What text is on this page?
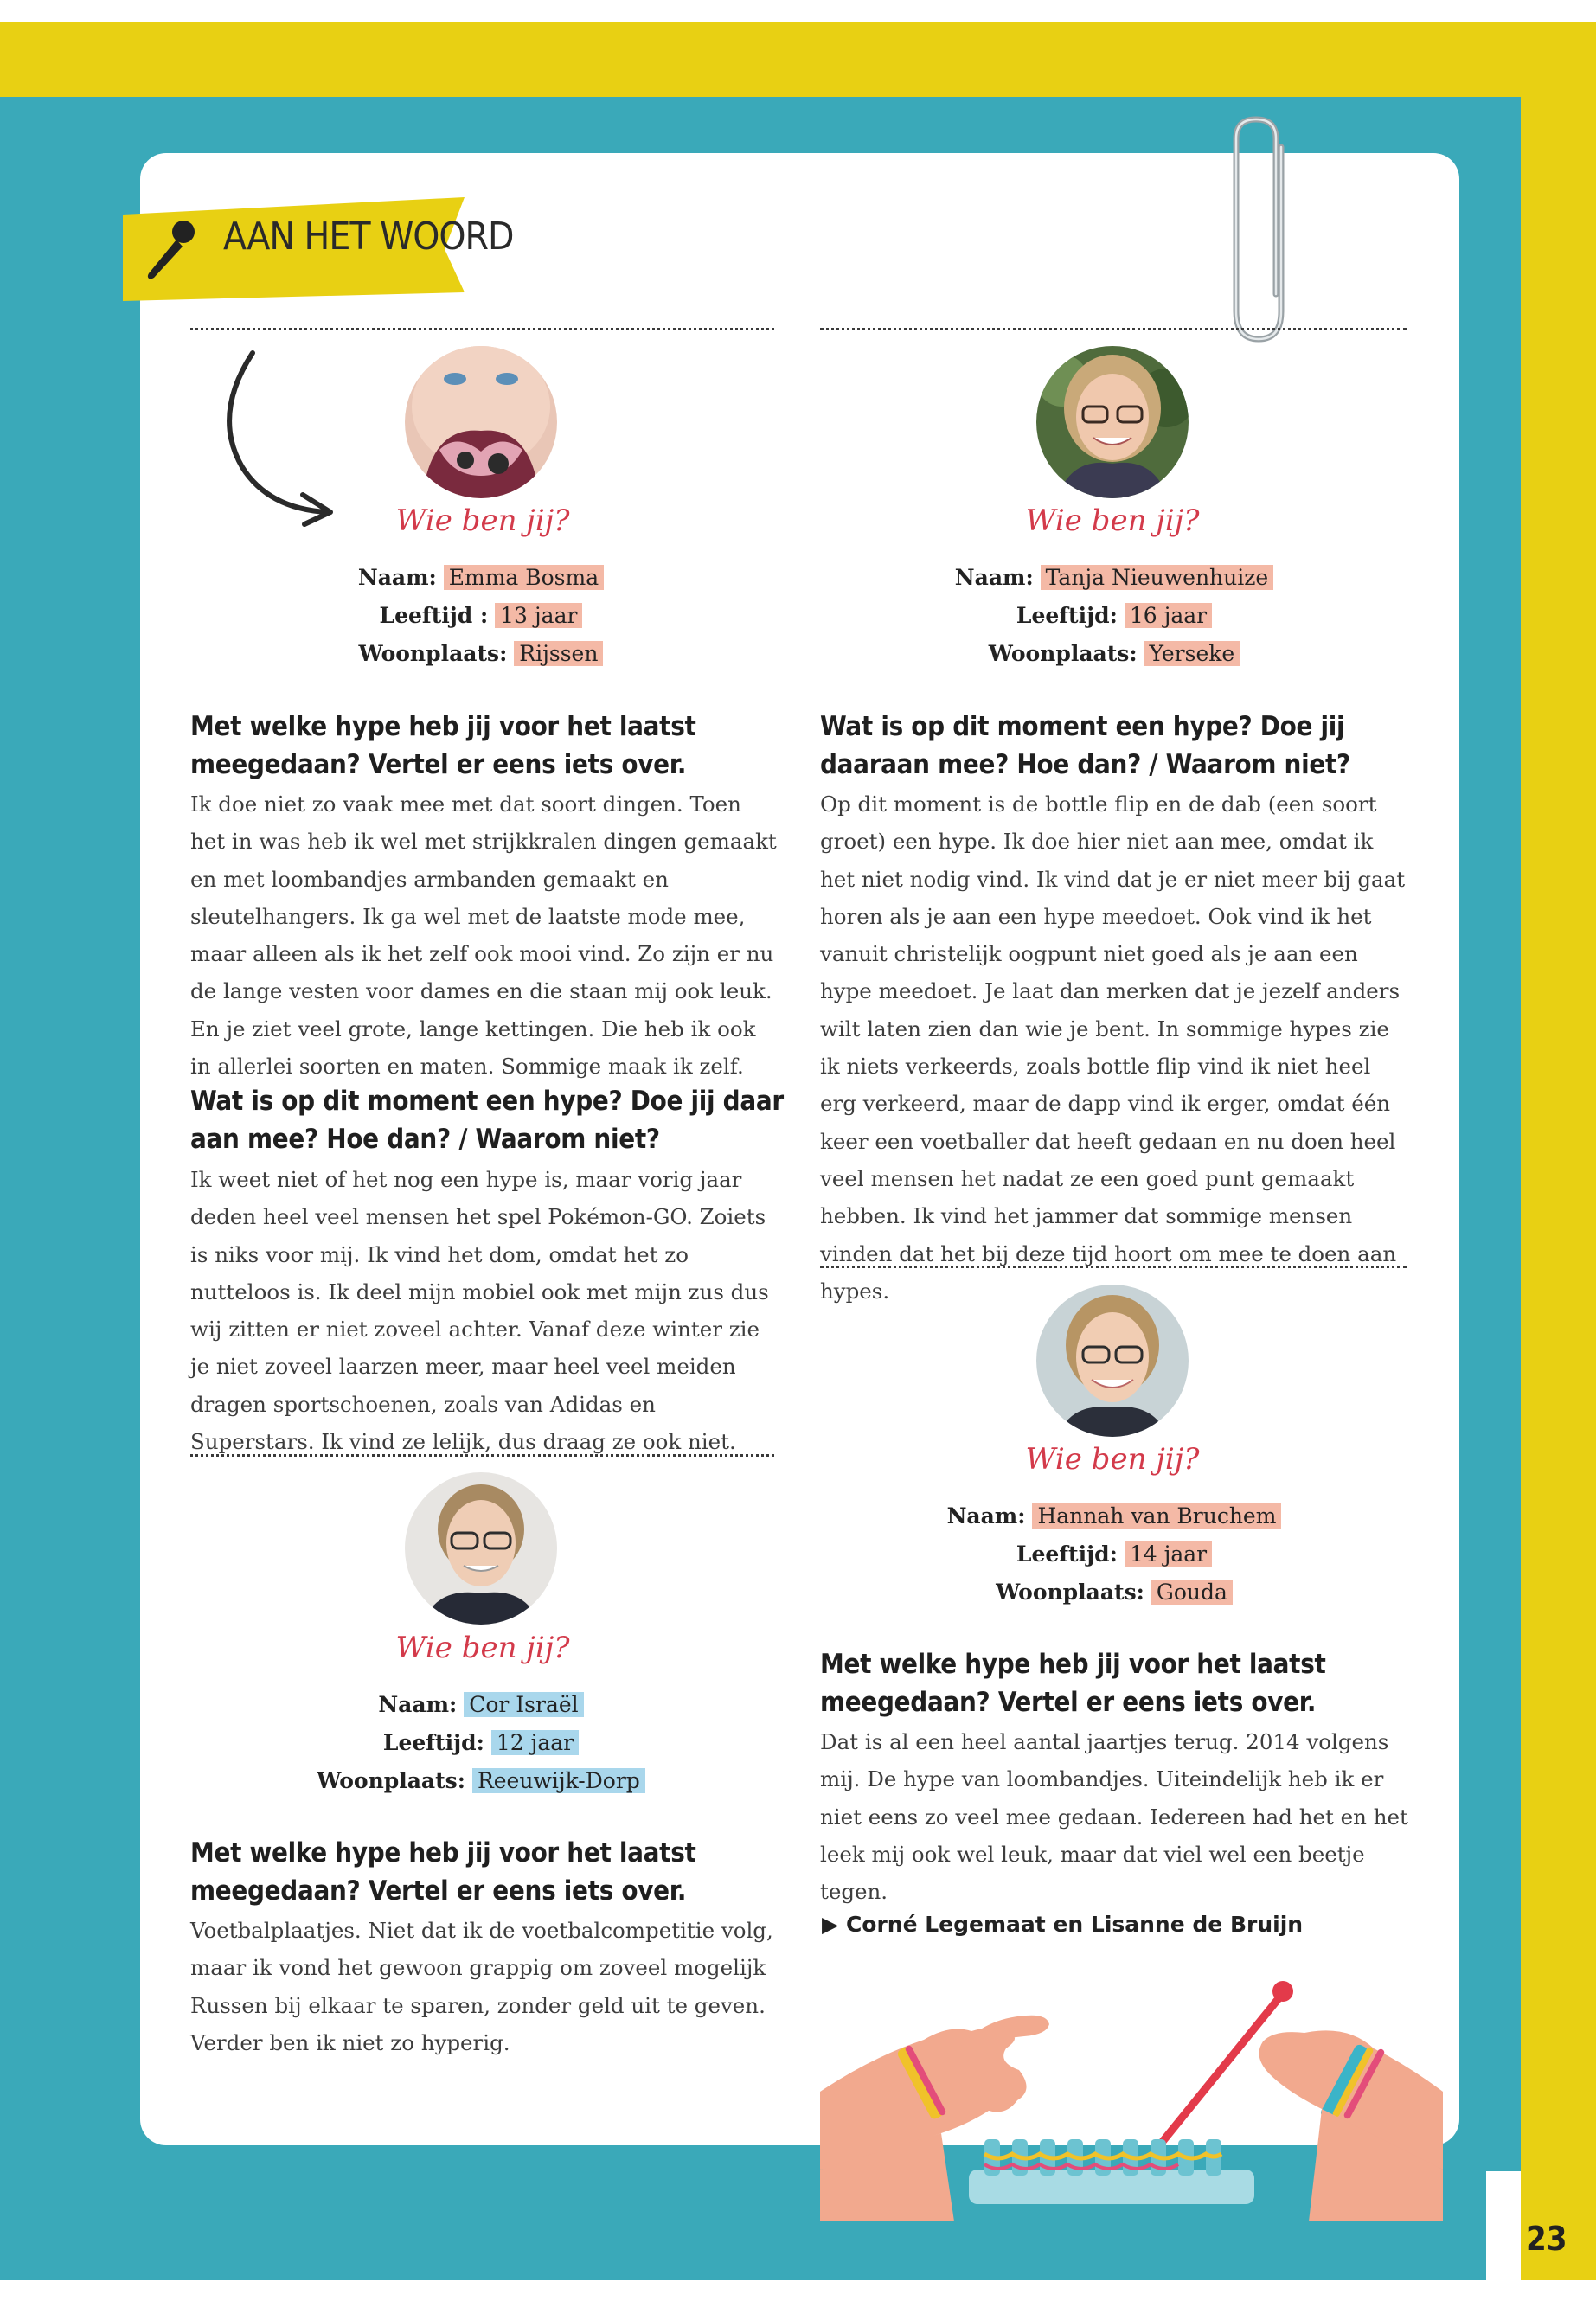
23
AAN HET WOORD
Wie ben jij?
Naam: Emma Bosma
Leeftijd : 13 jaar
Woonplaats: Rijssen
Met welke hype heb jij voor het laatst meegedaan? Vertel er eens iets over.
Ik doe niet zo vaak mee met dat soort dingen. Toen het in was heb ik wel met strijkkralen dingen gemaakt en met loombandjes armbanden gemaakt en sleutelhangers. Ik ga wel met de laatste mode mee, maar alleen als ik het zelf ook mooi vind. Zo zijn er nu de lange vesten voor dames en die staan mij ook leuk. En je ziet veel grote, lange kettingen. Die heb ik ook in allerlei soorten en maten. Sommige maak ik zelf.
Wat is op dit moment een hype? Doe jij daar aan mee? Hoe dan? / Waarom niet?
Ik weet niet of het nog een hype is, maar vorig jaar deden heel veel mensen het spel Pokémon-GO. Zoiets is niks voor mij. Ik vind het dom, omdat het zo nutteloos is. Ik deel mijn mobiel ook met mijn zus dus wij zitten er niet zoveel achter. Vanaf deze winter zie je niet zoveel laarzen meer, maar heel veel meiden dragen sportschoenen, zoals van Adidas en Superstars. Ik vind ze lelijk, dus draag ze ook niet.
Wie ben jij?
Naam: Tanja Nieuwenhuize
Leeftijd: 16 jaar
Woonplaats: Yerseke
Wat is op dit moment een hype? Doe jij daaraan mee? Hoe dan? / Waarom niet?
Op dit moment is de bottle flip en de dab (een soort groet) een hype. Ik doe hier niet aan mee, omdat ik het niet nodig vind. Ik vind dat je er niet meer bij gaat horen als je aan een hype meedoet. Ook vind ik het vanuit christelijk oogpunt niet goed als je aan een hype meedoet. Je laat dan merken dat je jezelf anders wilt laten zien dan wie je bent. In sommige hypes zie ik niets verkeerds, zoals bottle flip vind ik niet heel erg verkeerd, maar de dapp vind ik erger, omdat één keer een voetballer dat heeft gedaan en nu doen heel veel mensen het nadat ze een goed punt gemaakt hebben. Ik vind het jammer dat sommige mensen vinden dat het bij deze tijd hoort om mee te doen aan hypes.
Wie ben jij?
Naam: Cor Israël
Leeftijd: 12 jaar
Woonplaats: Reeuwijk-Dorp
Met welke hype heb jij voor het laatst meegedaan? Vertel er eens iets over.
Voetbalplaatjes. Niet dat ik de voetbalcompetitie volg, maar ik vond het gewoon grappig om zoveel mogelijk Russen bij elkaar te sparen, zonder geld uit te geven. Verder ben ik niet zo hyperig.
Wie ben jij?
Naam: Hannah van Bruchem
Leeftijd: 14 jaar
Woonplaats: Gouda
Met welke hype heb jij voor het laatst meegedaan? Vertel er eens iets over.
Dat is al een heel aantal jaartjes terug. 2014 volgens mij. De hype van loombandjes. Uiteindelijk heb ik er niet eens zo veel mee gedaan. Iedereen had het en het leek mij ook wel leuk, maar dat viel wel een beetje tegen.
▶ Corné Legemaat en Lisanne de Bruijn
